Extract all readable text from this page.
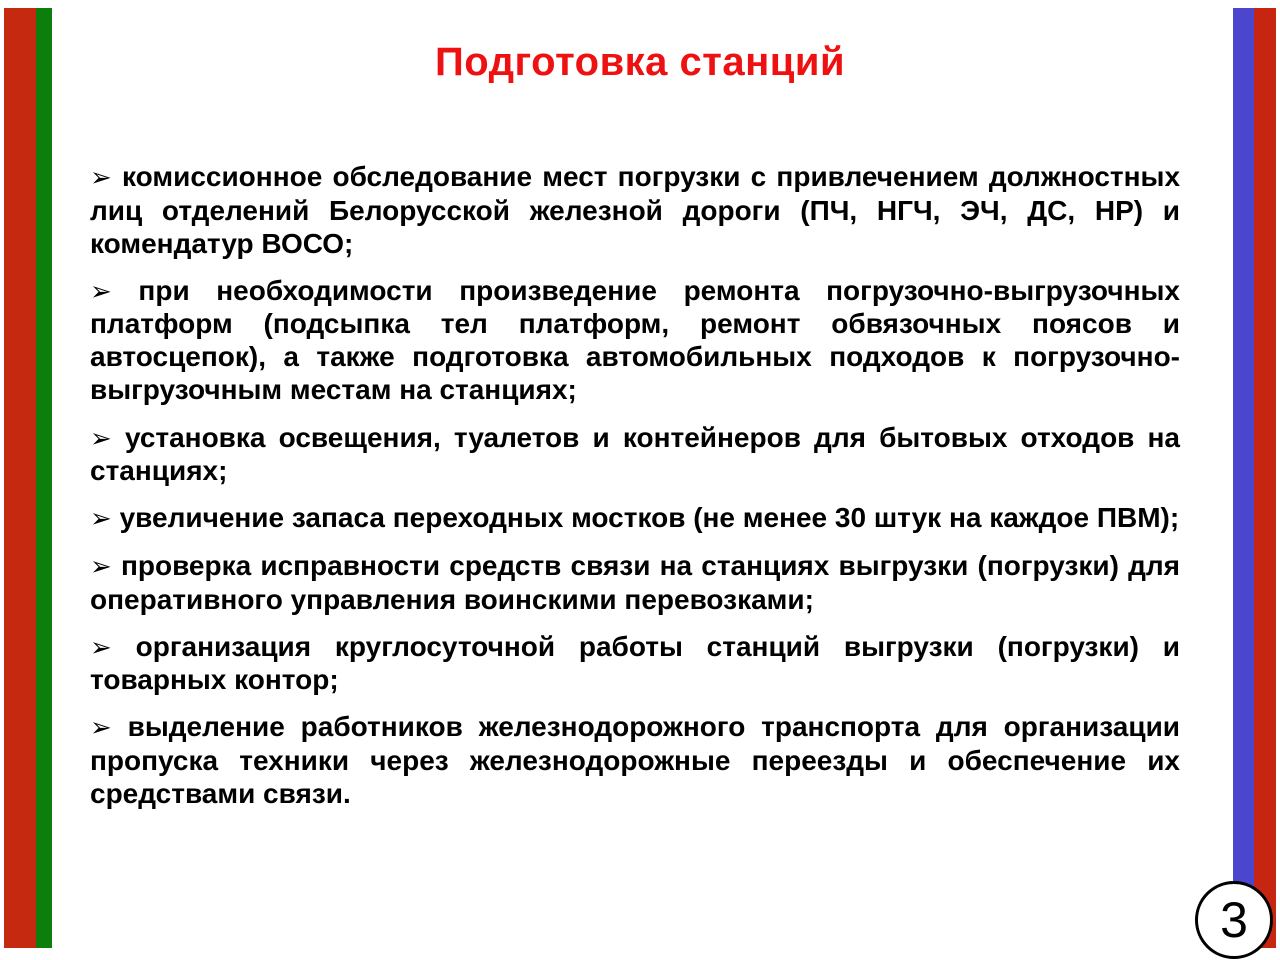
Подготовка станций

➢ комиссионное обследование мест погрузки с привлечением должностных лиц отделений Белорусской железной дороги (ПЧ, НГЧ, ЭЧ, ДС, НР) и комендатур ВОСО;

➢ при необходимости произведение ремонта погрузочно-выгрузочных платформ (подсыпка тел платформ, ремонт обвязочных поясов и автосцепок), а также подготовка автомобильных подходов к погрузочно-выгрузочным местам на станциях;

➢ установка освещения, туалетов и контейнеров для бытовых отходов на станциях;

➢ увеличение запаса переходных мостков (не менее 30 штук на каждое ПВМ);

➢ проверка исправности средств связи на станциях выгрузки (погрузки) для оперативного управления воинскими перевозками;

➢ организация круглосуточной работы станций выгрузки (погрузки) и товарных контор;

➢ выделение работников железнодорожного транспорта для организации пропуска техники через железнодорожные переезды и обеспечение их средствами связи.

3
